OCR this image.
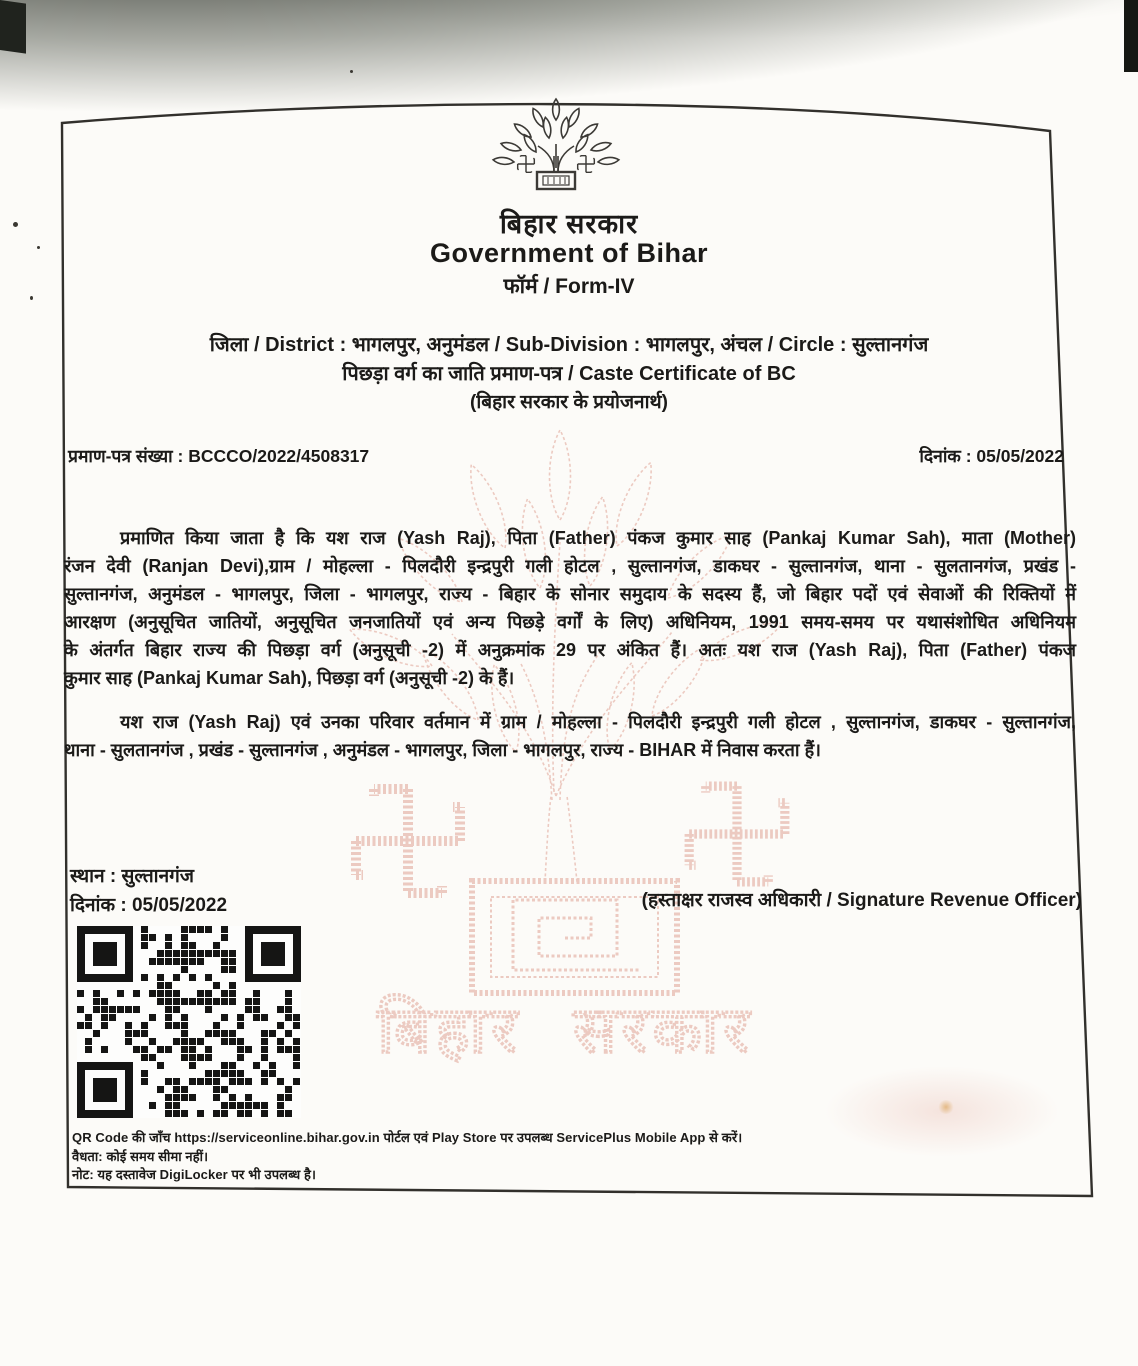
बिहार सरकार
बिहार सरकार
Government of Bihar
फॉर्म / Form-IV
जिला / District : भागलपुर, अनुमंडल / Sub-Division : भागलपुर, अंचल / Circle : सुल्तानगंज
पिछड़ा वर्ग का जाति प्रमाण-पत्र / Caste Certificate of BC
(बिहार सरकार के प्रयोजनार्थ)
प्रमाण-पत्र संख्या : BCCCO/2022/4508317	दिनांक : 05/05/2022
प्रमाणित किया जाता है कि यश राज (Yash Raj), पिता (Father) पंकज कुमार साह (Pankaj Kumar Sah), माता (Mother)
रंजन देवी (Ranjan Devi),ग्राम / मोहल्ला - पिलदौरी इन्द्रपुरी गली होटल , सुल्तानगंज, डाकघर - सुल्तानगंज, थाना - सुलतानगंज, प्रखंड -
सुल्तानगंज, अनुमंडल - भागलपुर, जिला - भागलपुर, राज्य - बिहार के सोनार समुदाय के सदस्य हैं, जो बिहार पदों एवं सेवाओं की रिक्तियों में
आरक्षण (अनुसूचित जातियों, अनुसूचित जनजातियों एवं अन्य पिछड़े वर्गों के लिए) अधिनियम, 1991 समय-समय पर यथासंशोधित अधिनियम
के अंतर्गत बिहार राज्य की पिछड़ा वर्ग (अनुसूची -2) में अनुक्रमांक 29 पर अंकित हैं। अतः यश राज (Yash Raj), पिता (Father) पंकज
कुमार साह (Pankaj Kumar Sah), पिछड़ा वर्ग (अनुसूची -2) के हैं।
यश राज (Yash Raj) एवं उनका परिवार वर्तमान में ग्राम / मोहल्ला - पिलदौरी इन्द्रपुरी गली होटल , सुल्तानगंज, डाकघर - सुल्तानगंज,
थाना - सुलतानगंज , प्रखंड - सुल्तानगंज , अनुमंडल - भागलपुर, जिला - भागलपुर, राज्य - BIHAR में निवास करता हैं।
स्थान : सुल्तानगंज
दिनांक : 05/05/2022	(हस्ताक्षर राजस्व अधिकारी / Signature Revenue Officer)
QR Code की जाँच https://serviceonline.bihar.gov.in पोर्टल एवं Play Store पर उपलब्ध ServicePlus Mobile App से करें।
वैधता: कोई समय सीमा नहीं।
नोट: यह दस्तावेज DigiLocker पर भी उपलब्ध है।
